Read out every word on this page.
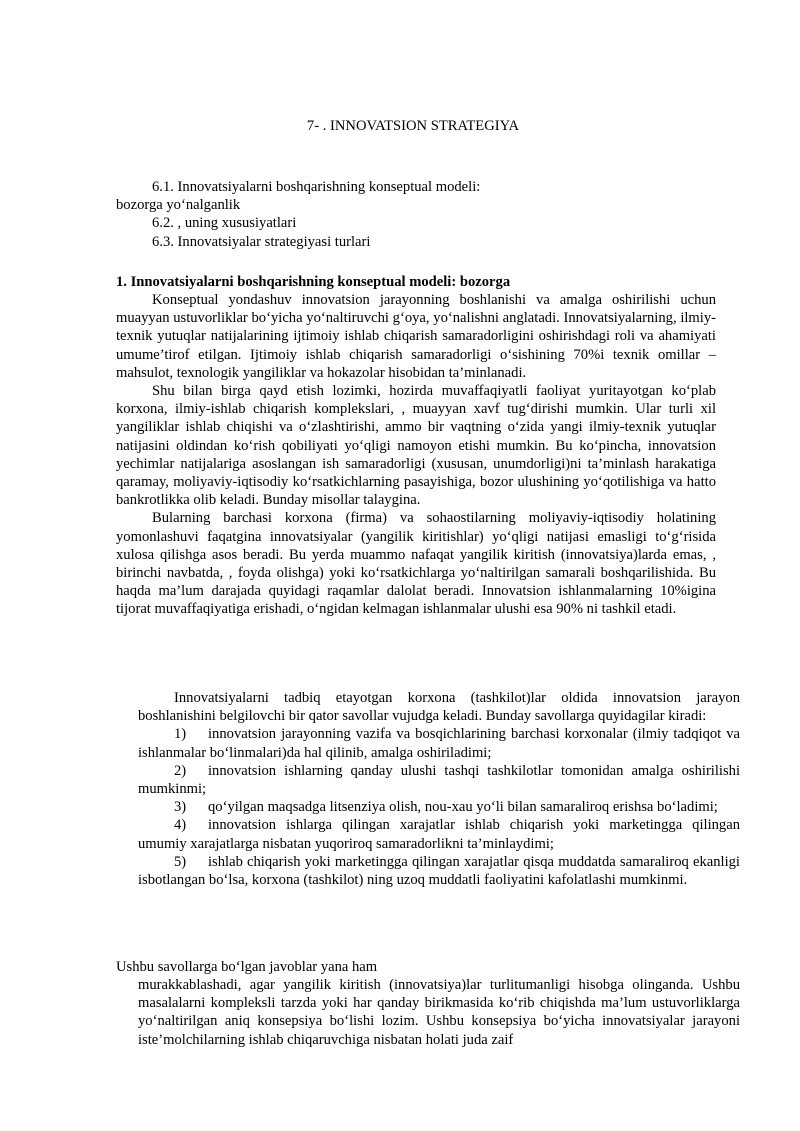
7- . INNOVATSION STRATEGIYA
6.1. Innovatsiyalarni boshqarishning konseptual modeli:
bozorga yo‘nalganlik
6.2. , uning xususiyatlari
6.3. Innovatsiyalar strategiyasi turlari
1. Innovatsiyalarni boshqarishning konseptual modeli: bozorga

Konseptual yondashuv innovatsion jarayonning boshlanishi va amalga oshirilishi uchun muayyan ustuvorliklar bo‘yicha yo‘naltiruvchi g‘oya, yo‘nalishni anglatadi. Innovatsiyalarning, ilmiy-texnik yutuqlar natijalarining ijtimoiy ishlab chiqarish samaradorligini oshirishdagi roli va ahamiyati umume’tirof etilgan. Ijtimoiy ishlab chiqarish samaradorligi o‘sishining 70%i texnik omillar – mahsulot, texnologik yangiliklar va hokazolar hisobidan ta’minlanadi.

Shu bilan birga qayd etish lozimki, hozirda muvaffaqiyatli faoliyat yuritayotgan ko‘plab korxona, ilmiy-ishlab chiqarish komplekslari, , muayyan xavf tug‘dirishi mumkin. Ular turli xil yangiliklar ishlab chiqishi va o‘zlashtirishi, ammo bir vaqtning o‘zida yangi ilmiy-texnik yutuqlar natijasini oldindan ko‘rish qobiliyati yo‘qligi namoyon etishi mumkin. Bu ko‘pincha, innovatsion yechimlar natijalariga asoslangan ish samaradorligi (xususan, unumdorligi)ni ta’minlash harakatiga qaramay, moliyaviy-iqtisodiy ko‘rsatkichlarning pasayishiga, bozor ulushining yo‘qotilishiga va hatto bankrotlikka olib keladi. Bunday misollar talaygina.

Bularning barchasi korxona (firma) va sohaostilarning moliyaviy-iqtisodiy holatining yomonlashuvi faqatgina innovatsiyalar (yangilik kiritishlar) yo‘qligi natijasi emasligi to‘g‘risida xulosa qilishga asos beradi. Bu yerda muammo nafaqat yangilik kiritish (innovatsiya)larda emas, , birinchi navbatda, , foyda olishga) yoki ko‘rsatkichlarga yo‘naltirilgan samarali boshqarilishida. Bu haqda ma’lum darajada quyidagi raqamlar dalolat beradi. Innovatsion ishlanmalarning 10%igina tijorat muvaffaqiyatiga erishadi, o‘ngidan kelmagan ishlanmalar ulushi esa 90% ni tashkil etadi.

Innovatsiyalarni tadbiq etayotgan korxona (tashkilot)lar oldida innovatsion jarayon boshlanishini belgilovchi bir qator savollar vujudga keladi. Bunday savollarga quyidagilar kiradi:

1) innovatsion jarayonning vazifa va bosqichlarining barchasi korxonalar (ilmiy tadqiqot va ishlanmalar bo‘linmalari)da hal qilinib, amalga oshiriladimi;

2) innovatsion ishlarning qanday ulushi tashqi tashkilotlar tomonidan amalga oshirilishi mumkinmi;

3) qo‘yilgan maqsadga litsenziya olish, nou-xau yo‘li bilan samaraliroq erishsa bo‘ladimi;

4) innovatsion ishlarga qilingan xarajatlar ishlab chiqarish yoki marketingga qilingan umumiy xarajatlarga nisbatan yuqoriroq samaradorlikni ta’minlaydimi;

5) ishlab chiqarish yoki marketingga qilingan xarajatlar qisqa muddatda samaraliroq ekanligi isbotlangan bo‘lsa, korxona (tashkilot) ning uzoq muddatli faoliyatini kafolatlashi mumkinmi.

Ushbu savollarga bo‘lgan javoblar yana ham

murakkablashadi, agar yangilik kiritish (innovatsiya)lar turlitumanligi hisobga olinganda. Ushbu masalalarni kompleksli tarzda yoki har qanday birikmasida ko‘rib chiqishda ma’lum ustuvorliklarga yo‘naltirilgan aniq konsepsiya bo‘lishi lozim. Ushbu konsepsiya bo‘yicha innovatsiyalar jarayoni iste’molchilarning ishlab chiqaruvchiga nisbatan holati juda zaif
